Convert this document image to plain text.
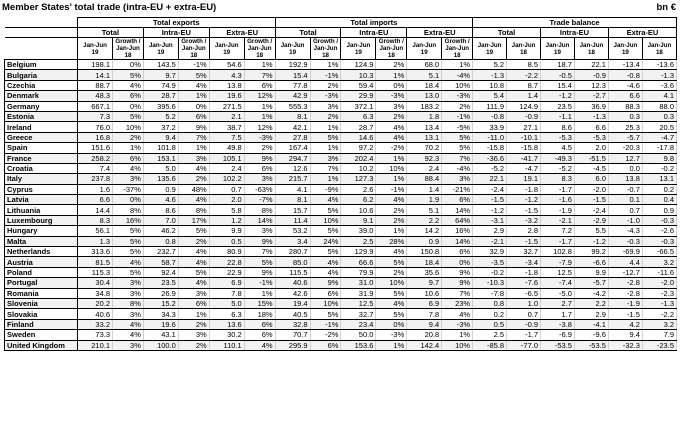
Member States' total trade (intra-EU + extra-EU)	bn €
	Total exports						Total imports						Trade balance					
	Total		Intra-EU		Extra-EU		Total		Intra-EU		Extra-EU		Total		Intra-EU		Extra-EU	
	Jan-Jun 19	Growth / Jan-Jun 18	Jan-Jun 19	Growth / Jan-Jun 18	Jan-Jun 19	Growth / Jan-Jun 18	Jan-Jun 19	Growth / Jan-Jun 18	Jan-Jun 19	Growth / Jan-Jun 18	Jan-Jun 19	Growth / Jan-Jun 18	Jan-Jun 19	Jan-Jun 18	Jan-Jun 19	Jan-Jun 18	Jan-Jun 19	Jan-Jun 18
Belgium	198.1	0%	143.5	-1%	54.6	1%	192.9	1%	124.9	2%	68.0	1%	5.2	8.5	18.7	22.1	-13.4	-13.6
Bulgaria	14.1	5%	9.7	5%	4.3	7%	15.4	-1%	10.3	1%	5.1	-4%	-1.3	-2.2	-0.5	-0.9	-0.8	-1.3
Czechia	88.7	4%	74.9	4%	13.8	6%	77.8	2%	59.4	0%	18.4	10%	10.8	8.7	15.4	12.3	-4.6	-3.6
Denmark	48.3	6%	28.7	1%	19.6	12%	42.9	-3%	29.9	-3%	13.0	-3%	5.4	1.4	-1.2	-2.7	6.6	4.1
Germany	667.1	0%	395.6	0%	271.5	1%	555.3	3%	372.1	3%	183.2	2%	111.9	124.9	23.5	36.9	88.3	88.0
Estonia	7.3	5%	5.2	6%	2.1	1%	8.1	2%	6.3	2%	1.8	-1%	-0.8	-0.9	-1.1	-1.3	0.3	0.3
Ireland	76.0	10%	37.2	9%	38.7	12%	42.1	1%	28.7	4%	13.4	-5%	33.9	27.1	8.6	6.6	25.3	20.5
Greece	16.8	2%	9.4	7%	7.5	-3%	27.8	5%	14.6	4%	13.1	5%	-11.0	-10.1	-5.3	-5.3	-5.7	-4.7
Spain	151.6	1%	101.8	1%	49.8	2%	167.4	1%	97.2	-2%	70.2	5%	-15.8	-15.8	4.5	2.0	-20.3	-17.8
France	258.2	6%	153.1	3%	105.1	9%	294.7	3%	202.4	1%	92.3	7%	-36.6	-41.7	-49.3	-51.5	12.7	9.8
Croatia	7.4	4%	5.0	4%	2.4	6%	12.6	7%	10.2	10%	2.4	-4%	-5.2	-4.7	-5.2	-4.5	0.0	-0.2
Italy	237.8	3%	135.6	2%	102.2	3%	215.7	1%	127.3	1%	88.4	3%	22.1	19.1	8.3	6.0	13.8	13.1
Cyprus	1.6	-37%	0.9	48%	0.7	-63%	4.1	-9%	2.6	-1%	1.4	-21%	-2.4	-1.8	-1.7	-2.0	-0.7	0.2
Latvia	6.6	0%	4.6	4%	2.0	-7%	8.1	4%	6.2	4%	1.9	6%	-1.5	-1.2	-1.6	-1.5	0.1	0.4
Lithuania	14.4	8%	8.6	8%	5.8	8%	15.7	5%	10.6	2%	5.1	14%	-1.2	-1.5	-1.9	-2.4	0.7	0.9
Luxembourg	8.3	16%	7.0	17%	1.2	14%	11.4	10%	9.1	2%	2.2	64%	-3.1	-3.2	-2.1	-2.9	-1.0	-0.3
Hungary	56.1	5%	46.2	5%	9.9	3%	53.2	5%	39.0	1%	14.2	16%	2.9	2.8	7.2	5.5	-4.3	-2.6
Malta	1.3	5%	0.8	2%	0.5	9%	3.4	24%	2.5	28%	0.9	14%	-2.1	-1.5	-1.7	-1.2	-0.3	-0.3
Netherlands	313.6	5%	232.7	4%	80.9	7%	280.7	5%	129.9	4%	150.8	6%	32.9	32.7	102.8	99.2	-69.9	-66.5
Austria	81.5	4%	58.7	4%	22.8	5%	85.0	4%	66.6	5%	18.4	0%	-3.5	-3.4	-7.9	-6.6	4.4	3.2
Poland	115.3	5%	92.4	5%	22.9	9%	115.5	4%	79.9	2%	35.6	9%	-0.2	-1.8	12.5	9.9	-12.7	-11.6
Portugal	30.4	3%	23.5	4%	6.9	-1%	40.6	9%	31.0	10%	9.7	9%	-10.3	-7.6	-7.4	-5.7	-2.8	-2.0
Romania	34.8	3%	26.9	3%	7.8	1%	42.6	6%	31.9	5%	10.6	7%	-7.8	-6.5	-5.0	-4.2	-2.8	-2.3
Slovenia	20.2	8%	15.2	6%	5.0	15%	19.4	10%	12.5	4%	6.9	23%	0.8	1.0	2.7	2.2	-1.9	-1.3
Slovakia	40.6	3%	34.3	1%	6.3	18%	40.5	5%	32.7	5%	7.8	4%	0.2	0.7	1.7	2.9	-1.5	-2.2
Finland	33.2	4%	19.6	2%	13.6	6%	32.8	-1%	23.4	0%	9.4	-3%	0.5	-0.9	-3.8	-4.1	4.2	3.2
Sweden	73.3	4%	43.1	3%	30.2	6%	70.7	-2%	50.0	-3%	20.8	1%	2.5	-1.7	-6.9	-9.6	9.4	7.9
United Kingdom	210.1	3%	100.0	2%	110.1	4%	295.9	6%	153.6	1%	142.4	10%	-85.8	-77.0	-53.5	-53.5	-32.3	-23.5
